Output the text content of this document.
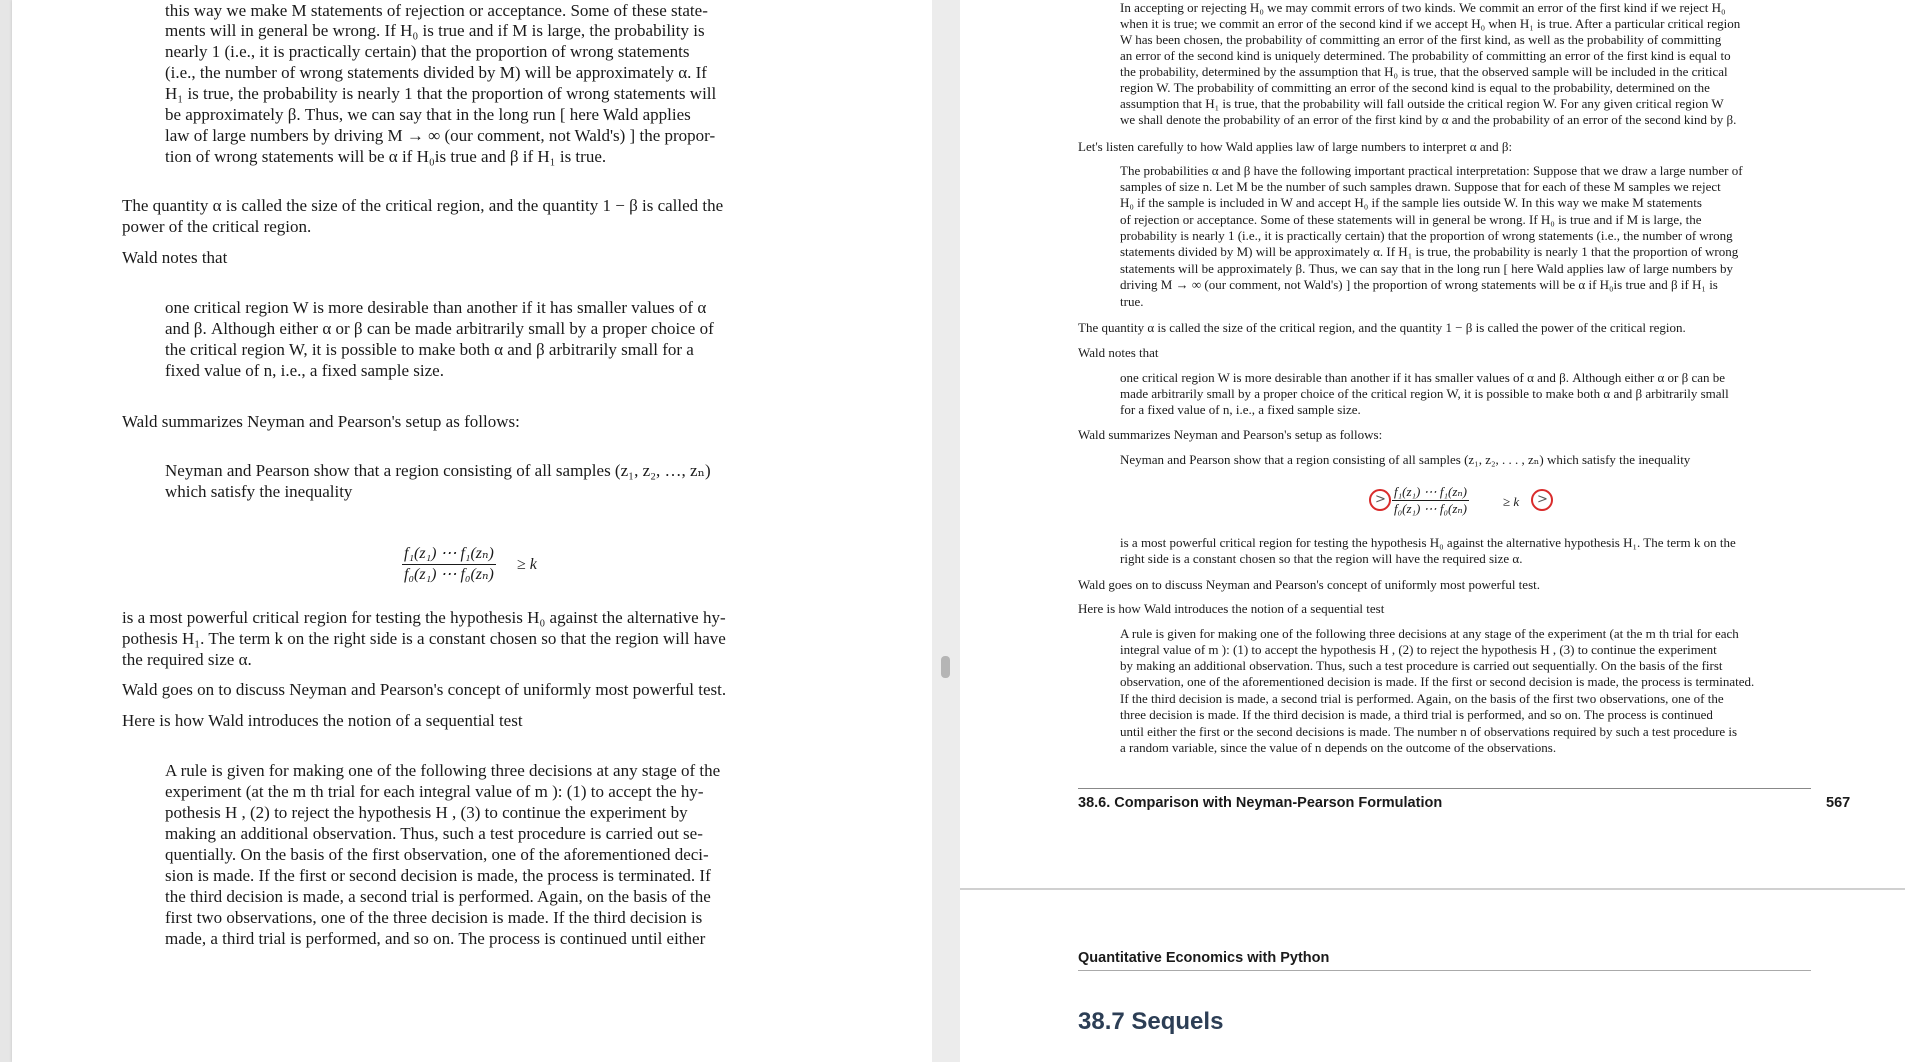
this way we make M statements of rejection or acceptance. Some of these state-
ments will in general be wrong. If H₀ is true and if M is large, the probability is
nearly 1 (i.e., it is practically certain) that the proportion of wrong statements
(i.e., the number of wrong statements divided by M) will be approximately α. If
H₁ is true, the probability is nearly 1 that the proportion of wrong statements will
be approximately β. Thus, we can say that in the long run [ here Wald applies
law of large numbers by driving M → ∞ (our comment, not Wald's) ] the propor-
tion of wrong statements will be α if H₀is true and β if H₁ is true.
The quantity α is called the size of the critical region, and the quantity 1 − β is called the
power of the critical region.
Wald notes that
one critical region W is more desirable than another if it has smaller values of α
and β. Although either α or β can be made arbitrarily small by a proper choice of
the critical region W, it is possible to make both α and β arbitrarily small for a
fixed value of n, i.e., a fixed sample size.
Wald summarizes Neyman and Pearson's setup as follows:
Neyman and Pearson show that a region consisting of all samples (z₁, z₂, …, zₙ)
which satisfy the inequality
$\frac{\text{f₁(z₁) ⋯ f₁(zₙ)}}{\text{f₀(z₁) ⋯ f₀(zₙ)}} \ge k$
is a most powerful critical region for testing the hypothesis H₀ against the alternative hy-
pothesis H₁. The term k on the right side is a constant chosen so that the region will have
the required size α.
Wald goes on to discuss Neyman and Pearson's concept of uniformly most powerful test.
Here is how Wald introduces the notion of a sequential test
A rule is given for making one of the following three decisions at any stage of the
experiment (at the m th trial for each integral value of m ): (1) to accept the hy-
pothesis H , (2) to reject the hypothesis H , (3) to continue the experiment by
making an additional observation. Thus, such a test procedure is carried out se-
quentially. On the basis of the first observation, one of the aforementioned deci-
sion is made. If the first or second decision is made, the process is terminated. If
the third decision is made, a second trial is performed. Again, on the basis of the
first two observations, one of the three decision is made. If the third decision is
made, a third trial is performed, and so on. The process is continued until either
In accepting or rejecting H₀ we may commit errors of two kinds. We commit an error of the first kind if we reject H₀
when it is true; we commit an error of the second kind if we accept H₀ when H₁ is true. After a particular critical region
W has been chosen, the probability of committing an error of the first kind, as well as the probability of committing
an error of the second kind is uniquely determined. The probability of committing an error of the first kind is equal to
the probability, determined by the assumption that H₀ is true, that the observed sample will be included in the critical
region W. The probability of committing an error of the second kind is equal to the probability, determined on the
assumption that H₁ is true, that the probability will fall outside the critical region W. For any given critical region W
we shall denote the probability of an error of the first kind by α and the probability of an error of the second kind by β.
Let's listen carefully to how Wald applies law of large numbers to interpret α and β:
The probabilities α and β have the following important practical interpretation: Suppose that we draw a large number of
samples of size n. Let M be the number of such samples drawn. Suppose that for each of these M samples we reject
H₀ if the sample is included in W and accept H₀ if the sample lies outside W. In this way we make M statements
of rejection or acceptance. Some of these statements will in general be wrong. If H₀ is true and if M is large, the
probability is nearly 1 (i.e., it is practically certain) that the proportion of wrong statements (i.e., the number of wrong
statements divided by M) will be approximately α. If H₁ is true, the probability is nearly 1 that the proportion of wrong
statements will be approximately β. Thus, we can say that in the long run [ here Wald applies law of large numbers by
driving M → ∞ (our comment, not Wald's) ] the proportion of wrong statements will be α if H₀is true and β if H₁ is
true.
The quantity α is called the size of the critical region, and the quantity 1 − β is called the power of the critical region.
Wald notes that
one critical region W is more desirable than another if it has smaller values of α and β. Although either α or β can be
made arbitrarily small by a proper choice of the critical region W, it is possible to make both α and β arbitrarily small
for a fixed value of n, i.e., a fixed sample size.
Wald summarizes Neyman and Pearson's setup as follows:
Neyman and Pearson show that a region consisting of all samples (z₁, z₂, . . . , zₙ) which satisfy the inequality
> $\frac{\text{f₁(z₁) ⋯ f₁(zₙ)}}{\text{f₀(z₁) ⋯ f₀(zₙ)}}$	≥ k >
is a most powerful critical region for testing the hypothesis H₀ against the alternative hypothesis H₁. The term k on the
right side is a constant chosen so that the region will have the required size α.
Wald goes on to discuss Neyman and Pearson's concept of uniformly most powerful test.
Here is how Wald introduces the notion of a sequential test
A rule is given for making one of the following three decisions at any stage of the experiment (at the m th trial for each
integral value of m ): (1) to accept the hypothesis H , (2) to reject the hypothesis H , (3) to continue the experiment
by making an additional observation. Thus, such a test procedure is carried out sequentially. On the basis of the first
observation, one of the aforementioned decision is made. If the first or second decision is made, the process is terminated.
If the third decision is made, a second trial is performed. Again, on the basis of the first two observations, one of the
three decision is made. If the third decision is made, a third trial is performed, and so on. The process is continued
until either the first or the second decisions is made. The number n of observations required by such a test procedure is
a random variable, since the value of n depends on the outcome of the observations.
38.6. Comparison with Neyman-Pearson Formulation	567
Quantitative Economics with Python
38.7 Sequels
